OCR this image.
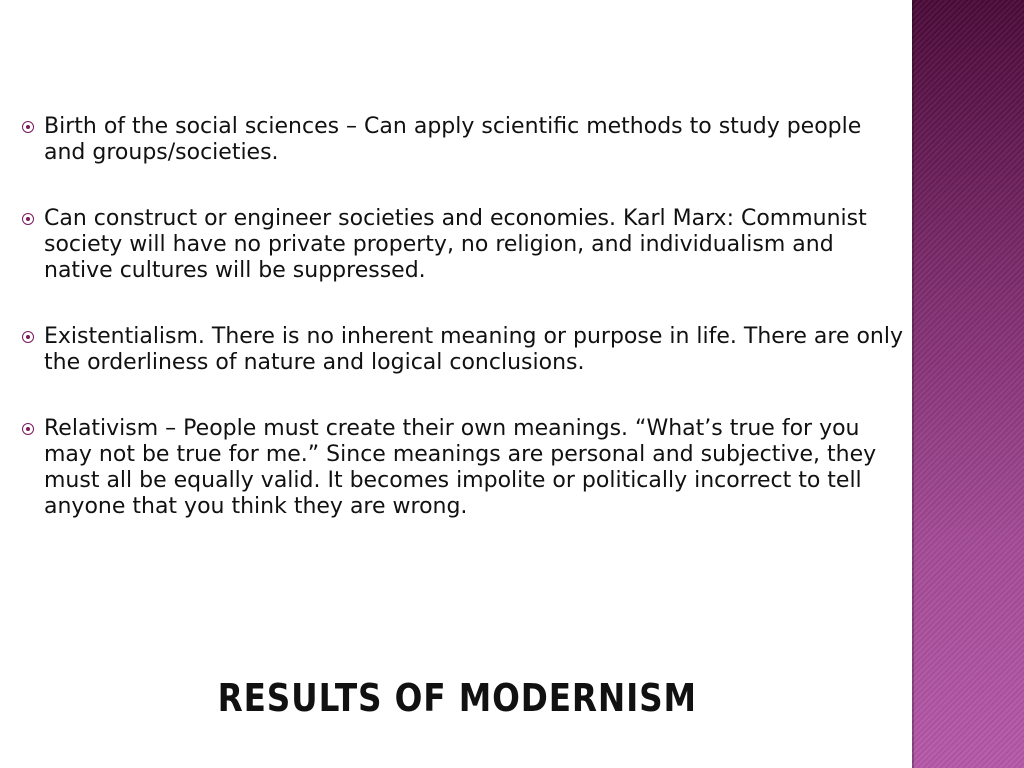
Birth of the social sciences – Can apply scientific methods to study people and groups/societies.
Can construct or engineer societies and economies. Karl Marx: Communist society will have no private property, no religion, and individualism and native cultures will be suppressed.
Existentialism. There is no inherent meaning or purpose in life. There are only the orderliness of nature and logical conclusions.
Relativism – People must create their own meanings. “What’s true for you may not be true for me.” Since meanings are personal and subjective, they must all be equally valid. It becomes impolite or politically incorrect to tell anyone that you think they are wrong.
RESULTS OF MODERNISM
